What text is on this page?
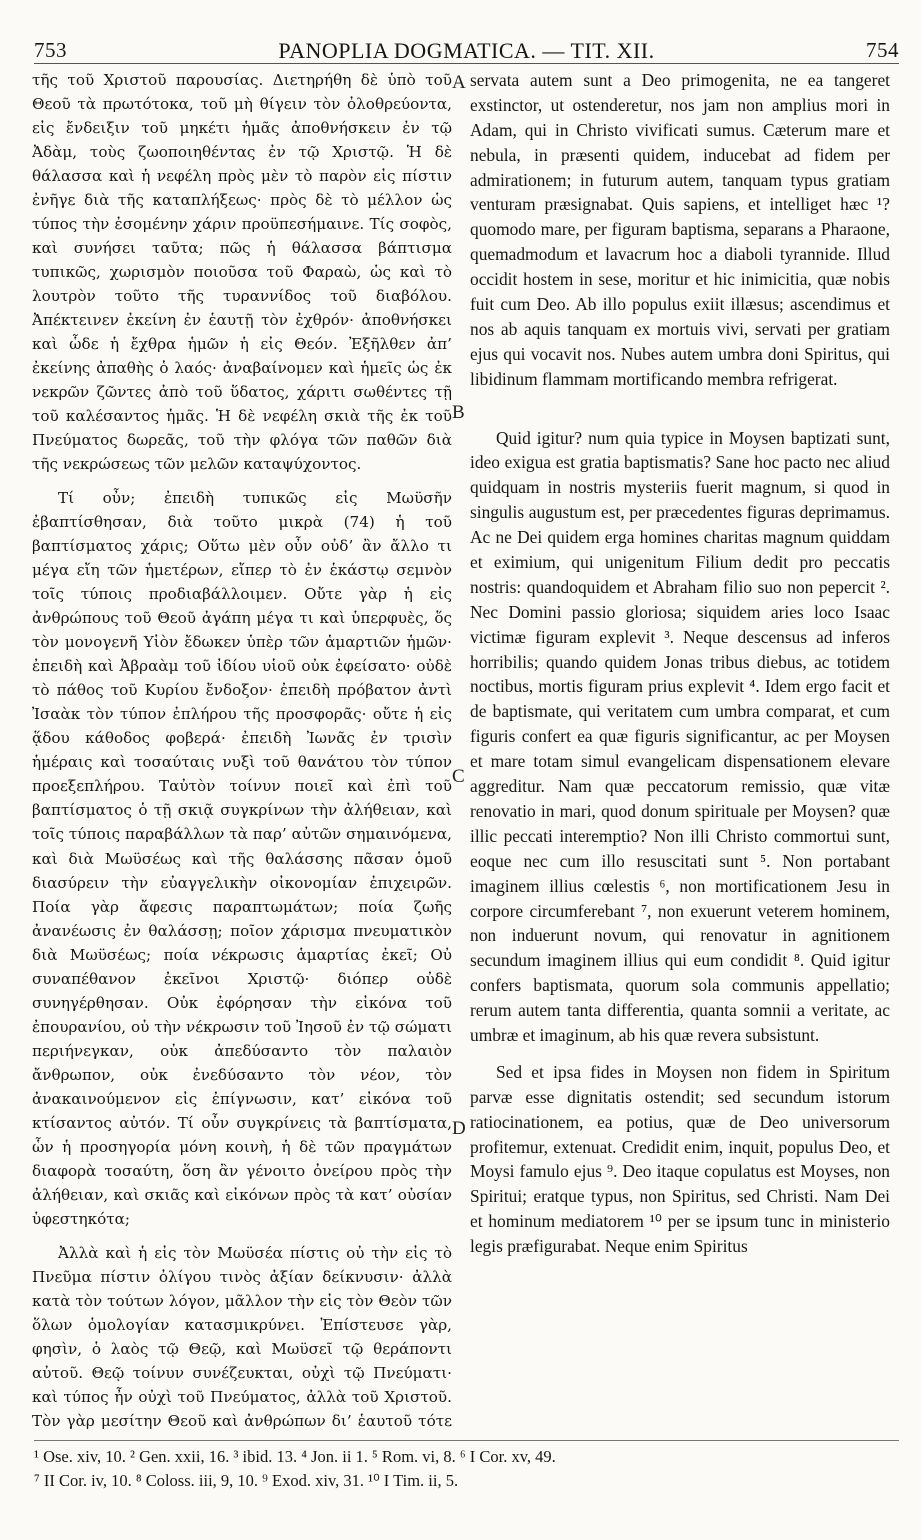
753	PANOPLIA DOGMATICA. — TIT. XII.	754

τῆς τοῦ Χριστοῦ παρουσίας. Διετηρήθη δὲ ὑπὸ τοῦ Θεοῦ τὰ πρωτότοκα, τοῦ μὴ θίγειν τὸν ὀλοθρεύοντα, εἰς ἔνδειξιν τοῦ μηκέτι ἡμᾶς ἀποθνήσκειν ἐν τῷ Ἀδὰμ, τοὺς ζωοποιηθέντας ἐν τῷ Χριστῷ. Ἡ δὲ θάλασσα καὶ ἡ νεφέλη πρὸς μὲν τὸ παρὸν εἰς πίστιν ἐνῆγε διὰ τῆς καταπλήξεως· πρὸς δὲ τὸ μέλλον ὡς τύπος τὴν ἐσομένην χάριν προϋπεσήμαινε. Τίς σοφὸς, καὶ συνήσει ταῦτα; πῶς ἡ θάλασσα βάπτισμα τυπικῶς, χωρισμὸν ποιοῦσα τοῦ Φαραὼ, ὡς καὶ τὸ λουτρὸν τοῦτο τῆς τυραννίδος τοῦ διαβόλου. Ἀπέκτεινεν ἐκείνη ἐν ἑαυτῇ τὸν ἐχθρόν· ἀποθνήσκει καὶ ὧδε ἡ ἔχθρα ἡμῶν ἡ εἰς Θεόν. Ἐξῆλθεν ἀπ’ ἐκείνης ἀπαθὴς ὁ λαός· ἀναβαίνομεν καὶ ἡμεῖς ὡς ἐκ νεκρῶν ζῶντες ἀπὸ τοῦ ὕδατος, χάριτι σωθέντες τῇ τοῦ καλέσαντος ἡμᾶς. Ἡ δὲ νεφέλη σκιὰ τῆς ἐκ τοῦ Πνεύματος δωρεᾶς, τοῦ τὴν φλόγα τῶν παθῶν διὰ τῆς νεκρώσεως τῶν μελῶν καταψύχοντος.

Τί οὖν; ἐπειδὴ τυπικῶς εἰς Μωϋσῆν ἐβαπτίσθησαν, διὰ τοῦτο μικρὰ (74) ἡ τοῦ βαπτίσματος χάρις; Οὕτω μὲν οὖν οὐδ’ ἂν ἄλλο τι μέγα εἴη τῶν ἡμετέρων, εἴπερ τὸ ἐν ἑκάστῳ σεμνὸν τοῖς τύποις προδιαβάλλοιμεν. Οὔτε γὰρ ἡ εἰς ἀνθρώπους τοῦ Θεοῦ ἀγάπη μέγα τι καὶ ὑπερφυὲς, ὅς τὸν μονογενῆ Υἱὸν ἔδωκεν ὑπὲρ τῶν ἁμαρτιῶν ἡμῶν· ἐπειδὴ καὶ Ἀβραὰμ τοῦ ἰδίου υἱοῦ οὐκ ἐφείσατο· οὐδὲ τὸ πάθος τοῦ Κυρίου ἔνδοξον· ἐπειδὴ πρόβατον ἀντὶ Ἰσαὰκ τὸν τύπον ἐπλήρου τῆς προσφορᾶς· οὔτε ἡ εἰς ᾅδου κάθοδος φοβερά· ἐπειδὴ Ἰωνᾶς ἐν τρισὶν ἡμέραις καὶ τοσαύταις νυξὶ τοῦ θανάτου τὸν τύπον προεξεπλήρου. Ταὐτὸν τοίνυν ποιεῖ καὶ ἐπὶ τοῦ βαπτίσματος ὁ τῇ σκιᾷ συγκρίνων τὴν ἀλήθειαν, καὶ τοῖς τύποις παραβάλλων τὰ παρ’ αὐτῶν σημαινόμενα, καὶ διὰ Μωϋσέως καὶ τῆς θαλάσσης πᾶσαν ὁμοῦ διασύρειν τὴν εὐαγγελικὴν οἰκονομίαν ἐπιχειρῶν. Ποία γὰρ ἄφεσις παραπτωμάτων; ποία ζωῆς ἀνανέωσις ἐν θαλάσσῃ; ποῖον χάρισμα πνευματικὸν διὰ Μωϋσέως; ποία νέκρωσις ἁμαρτίας ἐκεῖ; Οὐ συναπέθανον ἐκεῖνοι Χριστῷ· διόπερ οὐδὲ συνηγέρθησαν. Οὐκ ἐφόρησαν τὴν εἰκόνα τοῦ ἐπουρανίου, οὐ τὴν νέκρωσιν τοῦ Ἰησοῦ ἐν τῷ σώματι περιήνεγκαν, οὐκ ἀπεδύσαντο τὸν παλαιὸν ἄνθρωπον, οὐκ ἐνεδύσαντο τὸν νέον, τὸν ἀνακαινούμενον εἰς ἐπίγνωσιν, κατ’ εἰκόνα τοῦ κτίσαντος αὐτόν. Τί οὖν συγκρίνεις τὰ βαπτίσματα, ὧν ἡ προσηγορία μόνη κοινὴ, ἡ δὲ τῶν πραγμάτων διαφορὰ τοσαύτη, ὅση ἂν γένοιτο ὀνείρου πρὸς τὴν ἀλήθειαν, καὶ σκιᾶς καὶ εἰκόνων πρὸς τὰ κατ’ οὐσίαν ὑφεστηκότα;

Ἀλλὰ καὶ ἡ εἰς τὸν Μωϋσέα πίστις οὐ τὴν εἰς τὸ Πνεῦμα πίστιν ὀλίγου τινὸς ἀξίαν δείκνυσιν· ἀλλὰ κατὰ τὸν τούτων λόγον, μᾶλλον τὴν εἰς τὸν Θεὸν τῶν ὅλων ὁμολογίαν κατασμικρύνει. Ἐπίστευσε γὰρ, φησὶν, ὁ λαὸς τῷ Θεῷ, καὶ Μωϋσεῖ τῷ θεράποντι αὐτοῦ. Θεῷ τοίνυν συνέζευκται, οὐχὶ τῷ Πνεύματι· καὶ τύπος ἦν οὐχὶ τοῦ Πνεύματος, ἀλλὰ τοῦ Χριστοῦ. Τὸν γὰρ μεσίτην Θεοῦ καὶ ἀνθρώπων δι’ ἑαυτοῦ τότε

A
B
C
D

servata autem sunt a Deo primogenita, ne ea tangeret exstinctor, ut ostenderetur, nos jam non amplius mori in Adam, qui in Christo vivificati sumus. Cæterum mare et nebula, in præsenti quidem, inducebat ad fidem per admirationem; in futurum autem, tanquam typus gratiam venturam præsignabat. Quis sapiens, et intelliget hæc ¹? quomodo mare, per figuram baptisma, separans a Pharaone, quemadmodum et lavacrum hoc a diaboli tyrannide. Illud occidit hostem in sese, moritur et hic inimicitia, quæ nobis fuit cum Deo. Ab illo populus exiit illæsus; ascendimus et nos ab aquis tanquam ex mortuis vivi, servati per gratiam ejus qui vocavit nos. Nubes autem umbra doni Spiritus, qui libidinum flammam mortificando membra refrigerat.

Quid igitur? num quia typice in Moysen baptizati sunt, ideo exigua est gratia baptismatis? Sane hoc pacto nec aliud quidquam in nostris mysteriis fuerit magnum, si quod in singulis augustum est, per præcedentes figuras deprimamus. Ac ne Dei quidem erga homines charitas magnum quiddam et eximium, qui unigenitum Filium dedit pro peccatis nostris: quandoquidem et Abraham filio suo non pepercit ². Nec Domini passio gloriosa; siquidem aries loco Isaac victimæ figuram explevit ³. Neque descensus ad inferos horribilis; quando quidem Jonas tribus diebus, ac totidem noctibus, mortis figuram prius explevit ⁴. Idem ergo facit et de baptismate, qui veritatem cum umbra comparat, et cum figuris confert ea quæ figuris significantur, ac per Moysen et mare totam simul evangelicam dispensationem elevare aggreditur. Nam quæ peccatorum remissio, quæ vitæ renovatio in mari, quod donum spirituale per Moysen? quæ illic peccati interemptio? Non illi Christo commortui sunt, eoque nec cum illo resuscitati sunt ⁵. Non portabant imaginem illius cœlestis ⁶, non mortificationem Jesu in corpore circumferebant ⁷, non exuerunt veterem hominem, non induerunt novum, qui renovatur in agnitionem secundum imaginem illius qui eum condidit ⁸. Quid igitur confers baptismata, quorum sola communis appellatio; rerum autem tanta differentia, quanta somnii a veritate, ac umbræ et imaginum, ab his quæ revera subsistunt.

Sed et ipsa fides in Moysen non fidem in Spiritum parvæ esse dignitatis ostendit; sed secundum istorum ratiocinationem, ea potius, quæ de Deo universorum profitemur, extenuat. Credidit enim, inquit, populus Deo, et Moysi famulo ejus ⁹. Deo itaque copulatus est Moyses, non Spiritui; eratque typus, non Spiritus, sed Christi. Nam Dei et hominum mediatorem ¹⁰ per se ipsum tunc in ministerio legis præfigurabat. Neque enim Spiritus

¹ Ose. xiv, 10. ² Gen. xxii, 16. ³ ibid. 13. ⁴ Jon. ii 1. ⁵ Rom. vi, 8. ⁶ I Cor. xv, 49.
⁷ II Cor. iv, 10. ⁸ Coloss. iii, 9, 10. ⁹ Exod. xiv, 31. ¹⁰ I Tim. ii, 5.
